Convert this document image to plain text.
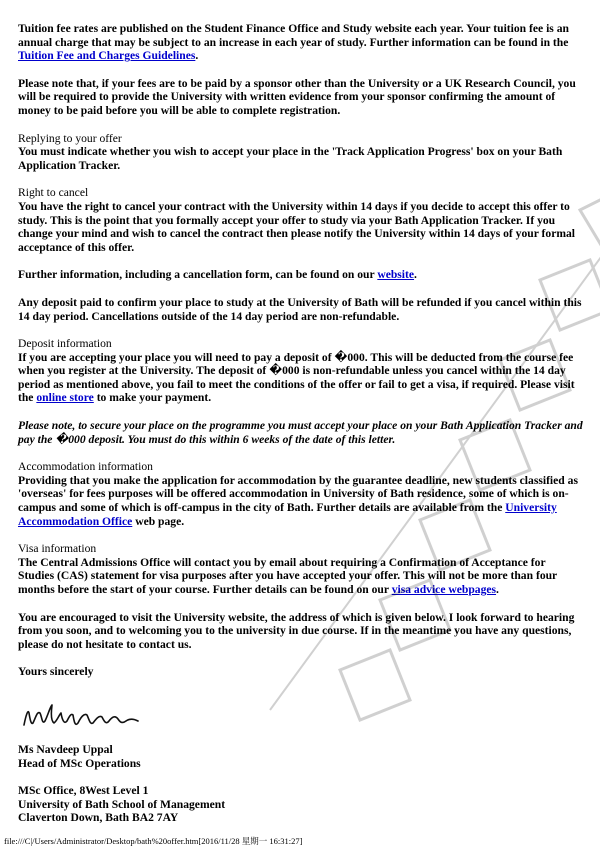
Tuition fee rates are published on the Student Finance Office and Study website each year. Your tuition fee is an annual charge that may be subject to an increase in each year of study. Further information can be found in the Tuition Fee and Charges Guidelines.

Please note that, if your fees are to be paid by a sponsor other than the University or a UK Research Council, you will be required to provide the University with written evidence from your sponsor confirming the amount of money to be paid before you will be able to complete registration.

Replying to your offer
You must indicate whether you wish to accept your place in the 'Track Application Progress' box on your Bath Application Tracker.

Right to cancel
You have the right to cancel your contract with the University within 14 days if you decide to accept this offer to study. This is the point that you formally accept your offer to study via your Bath Application Tracker. If you change your mind and wish to cancel the contract then please notify the University within 14 days of your formal acceptance of this offer.

Further information, including a cancellation form, can be found on our website.

Any deposit paid to confirm your place to study at the University of Bath will be refunded if you cancel within this 14 day period. Cancellations outside of the 14 day period are non-refundable.

Deposit information
If you are accepting your place you will need to pay a deposit of �000. This will be deducted from the course fee when you register at the University. The deposit of �000 is non-refundable unless you cancel within the 14 day period as mentioned above, you fail to meet the conditions of the offer or fail to get a visa, if required. Please visit the online store to make your payment.

Please note, to secure your place on the programme you must accept your place on your Bath Application Tracker and pay the �000 deposit. You must do this within 6 weeks of the date of this letter.

Accommodation information
Providing that you make the application for accommodation by the guarantee deadline, new students classified as 'overseas' for fees purposes will be offered accommodation in University of Bath residence, some of which is on-campus and some of which is off-campus in the city of Bath. Further details are available from the University Accommodation Office web page.

Visa information
The Central Admissions Office will contact you by email about requiring a Confirmation of Acceptance for Studies (CAS) statement for visa purposes after you have accepted your offer. This will not be more than four months before the start of your course. Further details can be found on our visa advice webpages.

You are encouraged to visit the University website, the address of which is given below. I look forward to hearing from you soon, and to welcoming you to the university in due course. If in the meantime you have any questions, please do not hesitate to contact us.

Yours sincerely

Ms Navdeep Uppal

Head of MSc Operations

MSc Office, 8West Level 1

University of Bath School of Management

Claverton Down, Bath BA2 7AY

file:///C|/Users/Administrator/Desktop/bath%20offer.htm[2016/11/28 星期一 16:31:27]
